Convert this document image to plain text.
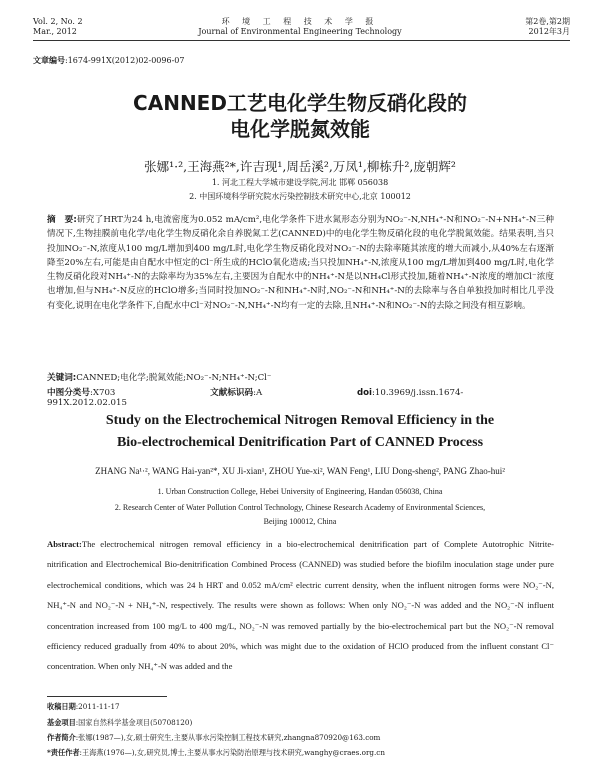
Vol. 2, No. 2
Mar., 2012
环 境 工 程 技 术 学 报
Journal of Environmental Engineering Technology
第2卷,第2期
2012年3月
文章编号:1674-991X(2012)02-0096-07
CANNED工艺电化学生物反硝化段的
电化学脱氮效能
张娜¹·²,王海燕²*,许吉现¹,周岳溪²,万凤¹,柳栋升²,庞朝辉²
1. 河北工程大学城市建设学院,河北 邯郸 056038
2. 中国环境科学研究院水污染控制技术研究中心,北京 100012
摘　要:研究了HRT为24 h,电流密度为0.052 mA/cm²,电化学条件下进水氮形态分别为NO₂⁻-N,NH₄⁺-N和NO₂⁻-N+NH₄⁺-N三种情况下,生物挂膜前电化学/电化学生物反硝化余自养脱氮工艺(CANNED)中的电化学生物反硝化段的电化学脱氮效能。结果表明,当只投加NO₂⁻-N,浓度从100 mg/L增加到400 mg/L时,电化学生物反硝化段对NO₂⁻-N的去除率随其浓度的增大而减小,从40%左右逐渐降至20%左右,可能是由自配水中恒定的Cl⁻所生成的HClO氧化造成;当只投加NH₄⁺-N,浓度从100 mg/L增加到400 mg/L时,电化学生物反硝化段对NH₄⁺-N的去除率均为35%左右,主要因为自配水中的NH₄⁺-N是以NH₄Cl形式投加,随着NH₄⁺-N浓度的增加Cl⁻浓度也增加,但与NH₄⁺-N反应的HClO增多;当同时投加NO₂⁻-N和NH₄⁺-N时,NO₂⁻-N和NH₄⁺-N的去除率与各自单独投加时相比几乎没有变化,说明在电化学条件下,自配水中Cl⁻对NO₂⁻-N,NH₄⁺-N均有一定的去除,且NH₄⁺-N和NO₂⁻-N的去除之间没有相互影响。
关键词:CANNED;电化学;脱氮效能;NO₂⁻-N;NH₄⁺-N;Cl⁻
中图分类号:X703	文献标识码:A	doi:10.3969/j.issn.1674-991X.2012.02.015
Study on the Electrochemical Nitrogen Removal Efficiency in the
Bio-electrochemical Denitrification Part of CANNED Process
ZHANG Na¹·², WANG Hai-yan²*, XU Ji-xian¹, ZHOU Yue-xi², WAN Feng¹, LIU Dong-sheng², PANG Zhao-hui²
1. Urban Construction College, Hebei University of Engineering, Handan 056038, China
2. Research Center of Water Pollution Control Technology, Chinese Research Academy of Environmental Sciences,
Beijing 100012, China
Abstract:The electrochemical nitrogen removal efficiency in a bio-electrochemical denitrification part of Complete Autotrophic Nitrite-nitrification and Electrochemical Bio-denitrification Combined Process (CANNED) was studied before the biofilm inoculation stage under pure electrochemical conditions, which was 24 h HRT and 0.052 mA/cm² electric current density, when the influent nitrogen forms were NO₂⁻-N, NH₄⁺-N and NO₂⁻-N + NH₄⁺-N, respectively. The results were shown as follows: When only NO₂⁻-N was added and the NO₂⁻-N influent concentration increased from 100 mg/L to 400 mg/L, NO₂⁻-N was removed partially by the bio-electrochemical part but the NO₂⁻-N removal efficiency reduced gradually from 40% to about 20%, which was might due to the oxidation of HClO produced from the influent constant Cl⁻ concentration. When only NH₄⁺-N was added and the
收稿日期:2011-11-17
基金项目:国家自然科学基金项目(50708120)
作者简介:张娜(1987—),女,硕士研究生,主要从事水污染控制工程技术研究,zhangna870920@163.com
*责任作者:王海燕(1976—),女,研究员,博士,主要从事水污染防治原理与技术研究,wanghy@craes.org.cn
